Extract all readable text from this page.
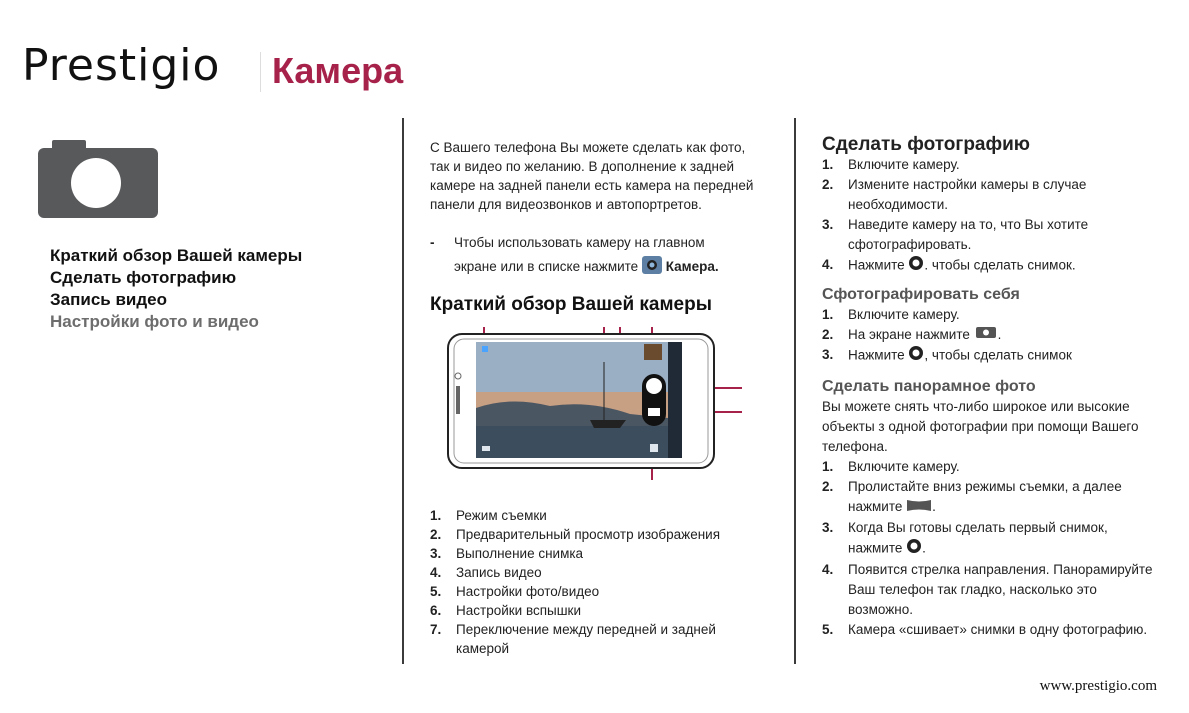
Prestigio Камера
Краткий обзор Вашей камеры
Сделать фотографию
Запись видео
Настройки фото и видео
С Вашего телефона Вы можете сделать как фото, так и видео по желанию. В дополнение к задней камере на задней панели есть камера на передней панели для видеозвонков и автопортретов.
- Чтобы использовать камеру на главном
экране или в списке нажмите Камера.
Краткий обзор Вашей камеры
1. Режим съемки
2. Предварительный просмотр изображения
3. Выполнение снимка
4. Запись видео
5. Настройки фото/видео
6. Настройки вспышки
7. Переключение между передней и задней камерой
Сделать фотографию
1. Включите камеру.
2. Измените настройки камеры в случае необходимости.
3. Наведите камеру на то, что Вы хотите сфотографировать.
4. Нажмите . чтобы сделать снимок.
Сфотографировать себя
1. Включите камеру.
2. На экране нажмите .
3. Нажмите , чтобы сделать снимок
Сделать панорамное фото
Вы можете снять что-либо широкое или высокие объекты з одной фотографии при помощи Вашего телефона.
1. Включите камеру.
2. Пролистайте вниз режимы съемки, а далее нажмите .
3. Когда Вы готовы сделать первый снимок, нажмите .
4. Появится стрелка направления. Панорамируйте Ваш телефон так гладко, насколько это возможно.
5. Камера «сшивает» снимки в одну фотографию.
www.prestigio.com
